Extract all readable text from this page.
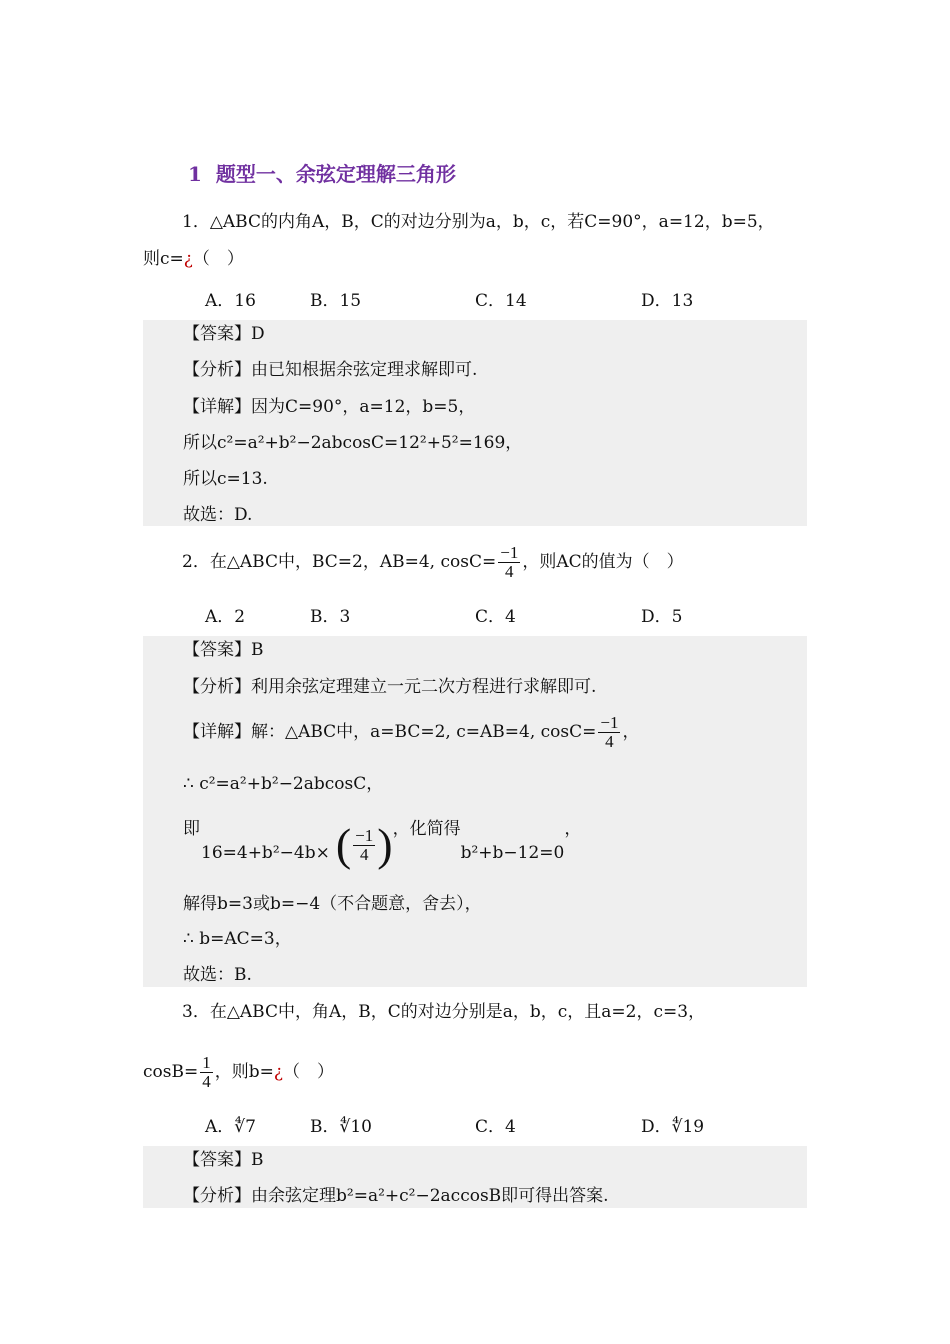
1 题型一、余弦定理解三角形
1．△ABC的内角A，B，C的对边分别为a，b，c，若C=90°，a=12，b=5，
则c=¿（　）
A．16	B．15	C．14	D．13
【答案】D
【分析】由已知根据余弦定理求解即可.
【详解】因为C=90°，a=12，b=5，
所以c²=a²+b²−2abcosC=12²+5²=169，
所以c=13.
故选：D.
2．在△ABC中，BC=2，AB=4, $\cos C= \frac{-1}{4}$ ，则AC的值为（　）
A．2	B．3	C．4	D．5
【答案】B
【分析】利用余弦定理建立一元二次方程进行求解即可.
【详解】解：△ABC中，a=BC=2, c=AB=4, $\cos C= \frac{-1}{4}$ ，
∴ c²=a²+b²−2abcosC，
即
16=4+b²−4b× ( $\frac{-1}{4}$ ) ，化简得
b²+b−12=0
，
解得b=3或b=−4（不合题意，舍去），
∴ b=AC=3，
故选：B.
3．在△ABC中，角A，B，C的对边分别是a，b，c，且a=2，c=3，
$\cos B= \frac{1}{4}$ ，则b=¿（　）
A．∜7	B．∜10	C．4	D．∜19
【答案】B
【分析】由余弦定理b²=a²+c²−2accosB即可得出答案.
